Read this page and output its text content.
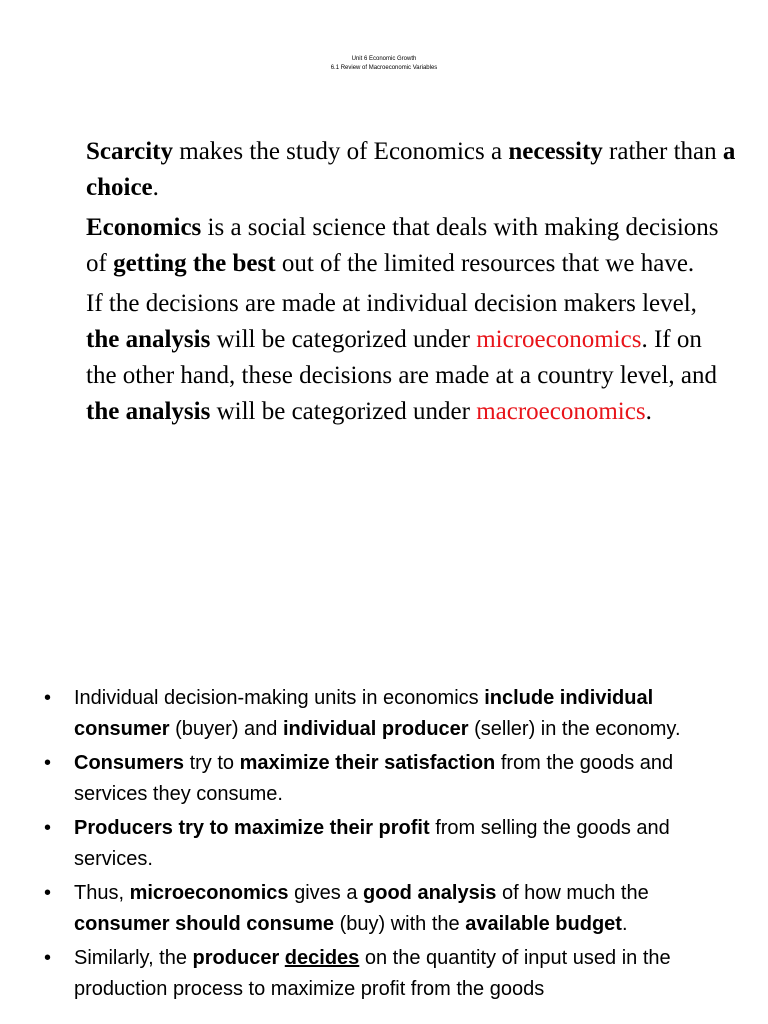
Unit 6 Economic Growth
6.1 Review of Macroeconomic Variables

Scarcity makes the study of Economics a necessity rather than a choice.

Economics is a social science that deals with making decisions of getting the best out of the limited resources that we have.

If the decisions are made at individual decision makers level, the analysis will be categorized under microeconomics. If on the other hand, these decisions are made at a country level, and the analysis will be categorized under macroeconomics.

• Individual decision-making units in economics include individual consumer (buyer) and individual producer (seller) in the economy.
• Consumers try to maximize their satisfaction from the goods and services they consume.
• Producers try to maximize their profit from selling the goods and services.
• Thus, microeconomics gives a good analysis of how much the consumer should consume (buy) with the available budget.
• Similarly, the producer decides on the quantity of input used in the production process to maximize profit from the goods
